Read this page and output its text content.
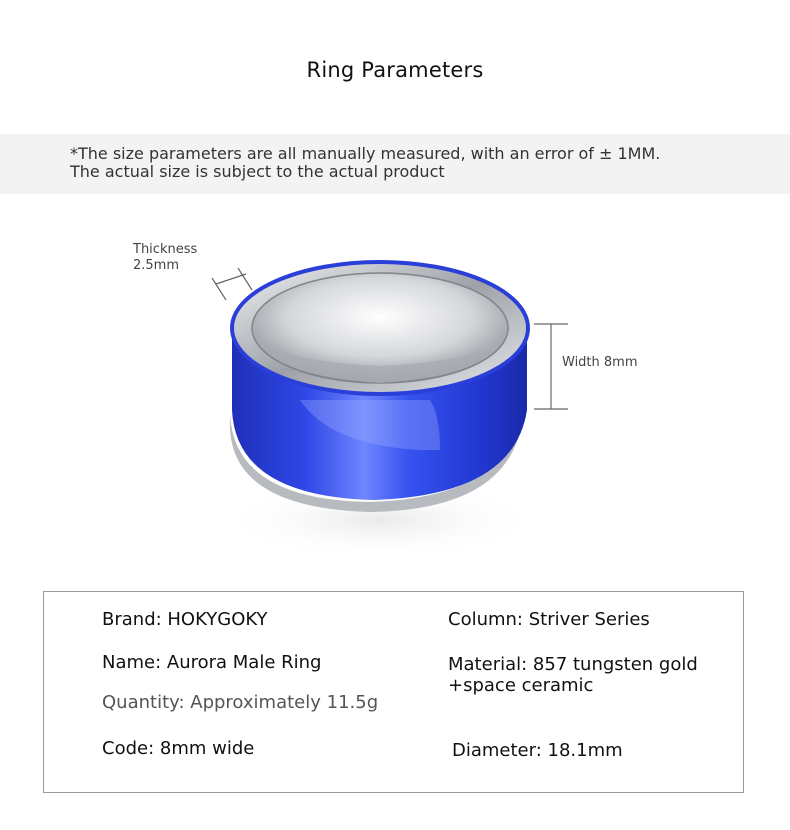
Ring Parameters
*The size parameters are all manually measured, with an error of ± 1MM.
The actual size is subject to the actual product
Thickness
2.5mm
Width 8mm
Brand: HOKYGOKY	Column: Striver Series
Name: Aurora Male Ring	Material: 857 tungsten gold
+space ceramic
Quantity: Approximately 11.5g
Code: 8mm wide	Diameter: 18.1mm
